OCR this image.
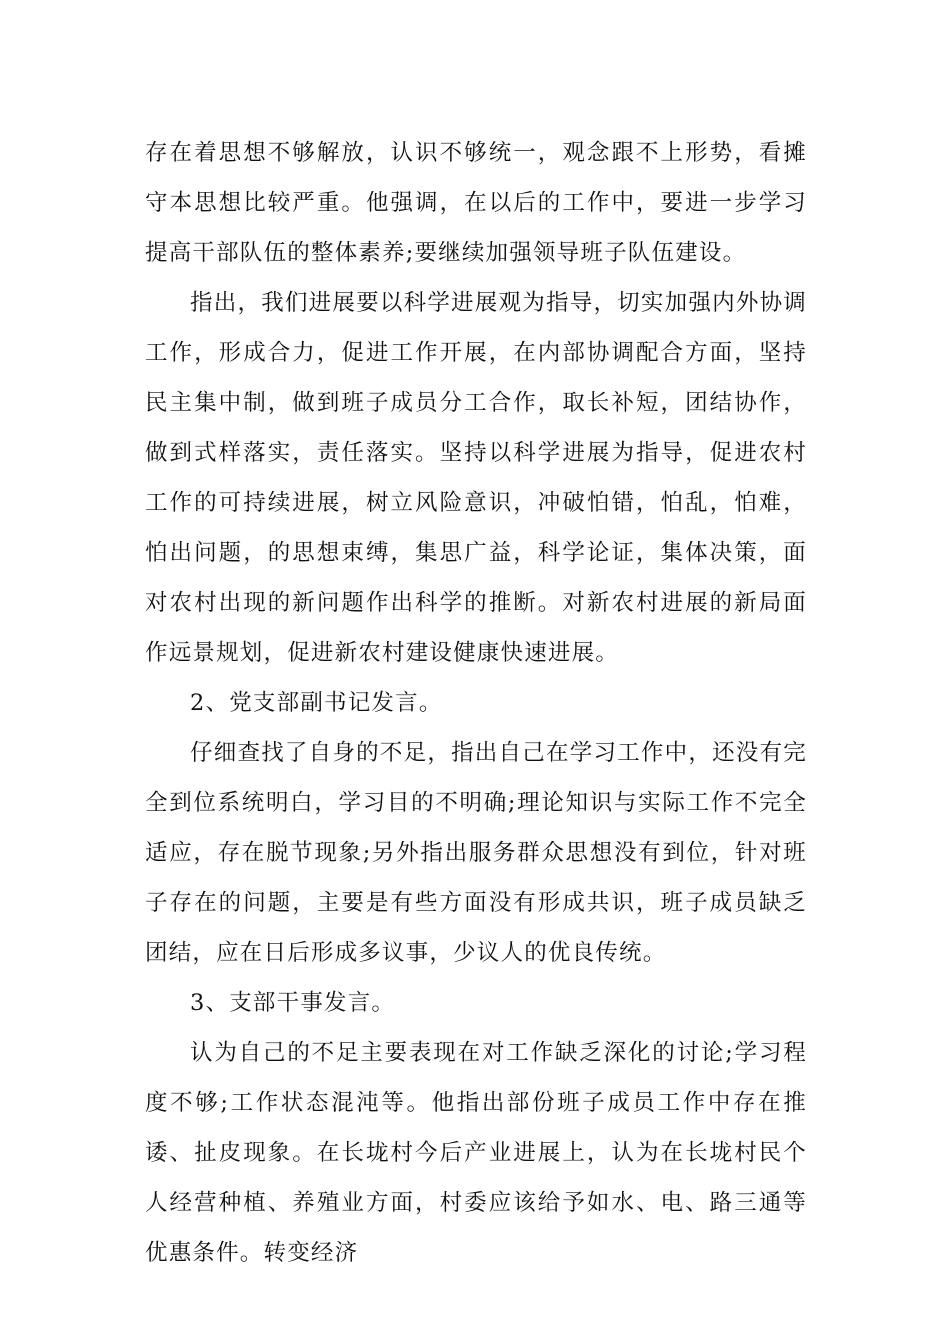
存在着思想不够解放，认识不够统一，观念跟不上形势，看摊守本思想比较严重。他强调，在以后的工作中，要进一步学习提高干部队伍的整体素养;要继续加强领导班子队伍建设。

指出，我们进展要以科学进展观为指导，切实加强内外协调工作，形成合力，促进工作开展，在内部协调配合方面，坚持民主集中制，做到班子成员分工合作，取长补短，团结协作，做到式样落实，责任落实。坚持以科学进展为指导，促进农村工作的可持续进展，树立风险意识，冲破怕错，怕乱，怕难，怕出问题，的思想束缚，集思广益，科学论证，集体决策，面对农村出现的新问题作出科学的推断。对新农村进展的新局面作远景规划，促进新农村建设健康快速进展。

2、党支部副书记发言。

仔细查找了自身的不足，指出自己在学习工作中，还没有完全到位系统明白，学习目的不明确;理论知识与实际工作不完全适应，存在脱节现象;另外指出服务群众思想没有到位，针对班子存在的问题，主要是有些方面没有形成共识，班子成员缺乏团结，应在日后形成多议事，少议人的优良传统。

3、支部干事发言。

认为自己的不足主要表现在对工作缺乏深化的讨论;学习程度不够;工作状态混沌等。他指出部份班子成员工作中存在推诿、扯皮现象。在长垅村今后产业进展上，认为在长垅村民个人经营种植、养殖业方面，村委应该给予如水、电、路三通等优惠条件。转变经济
